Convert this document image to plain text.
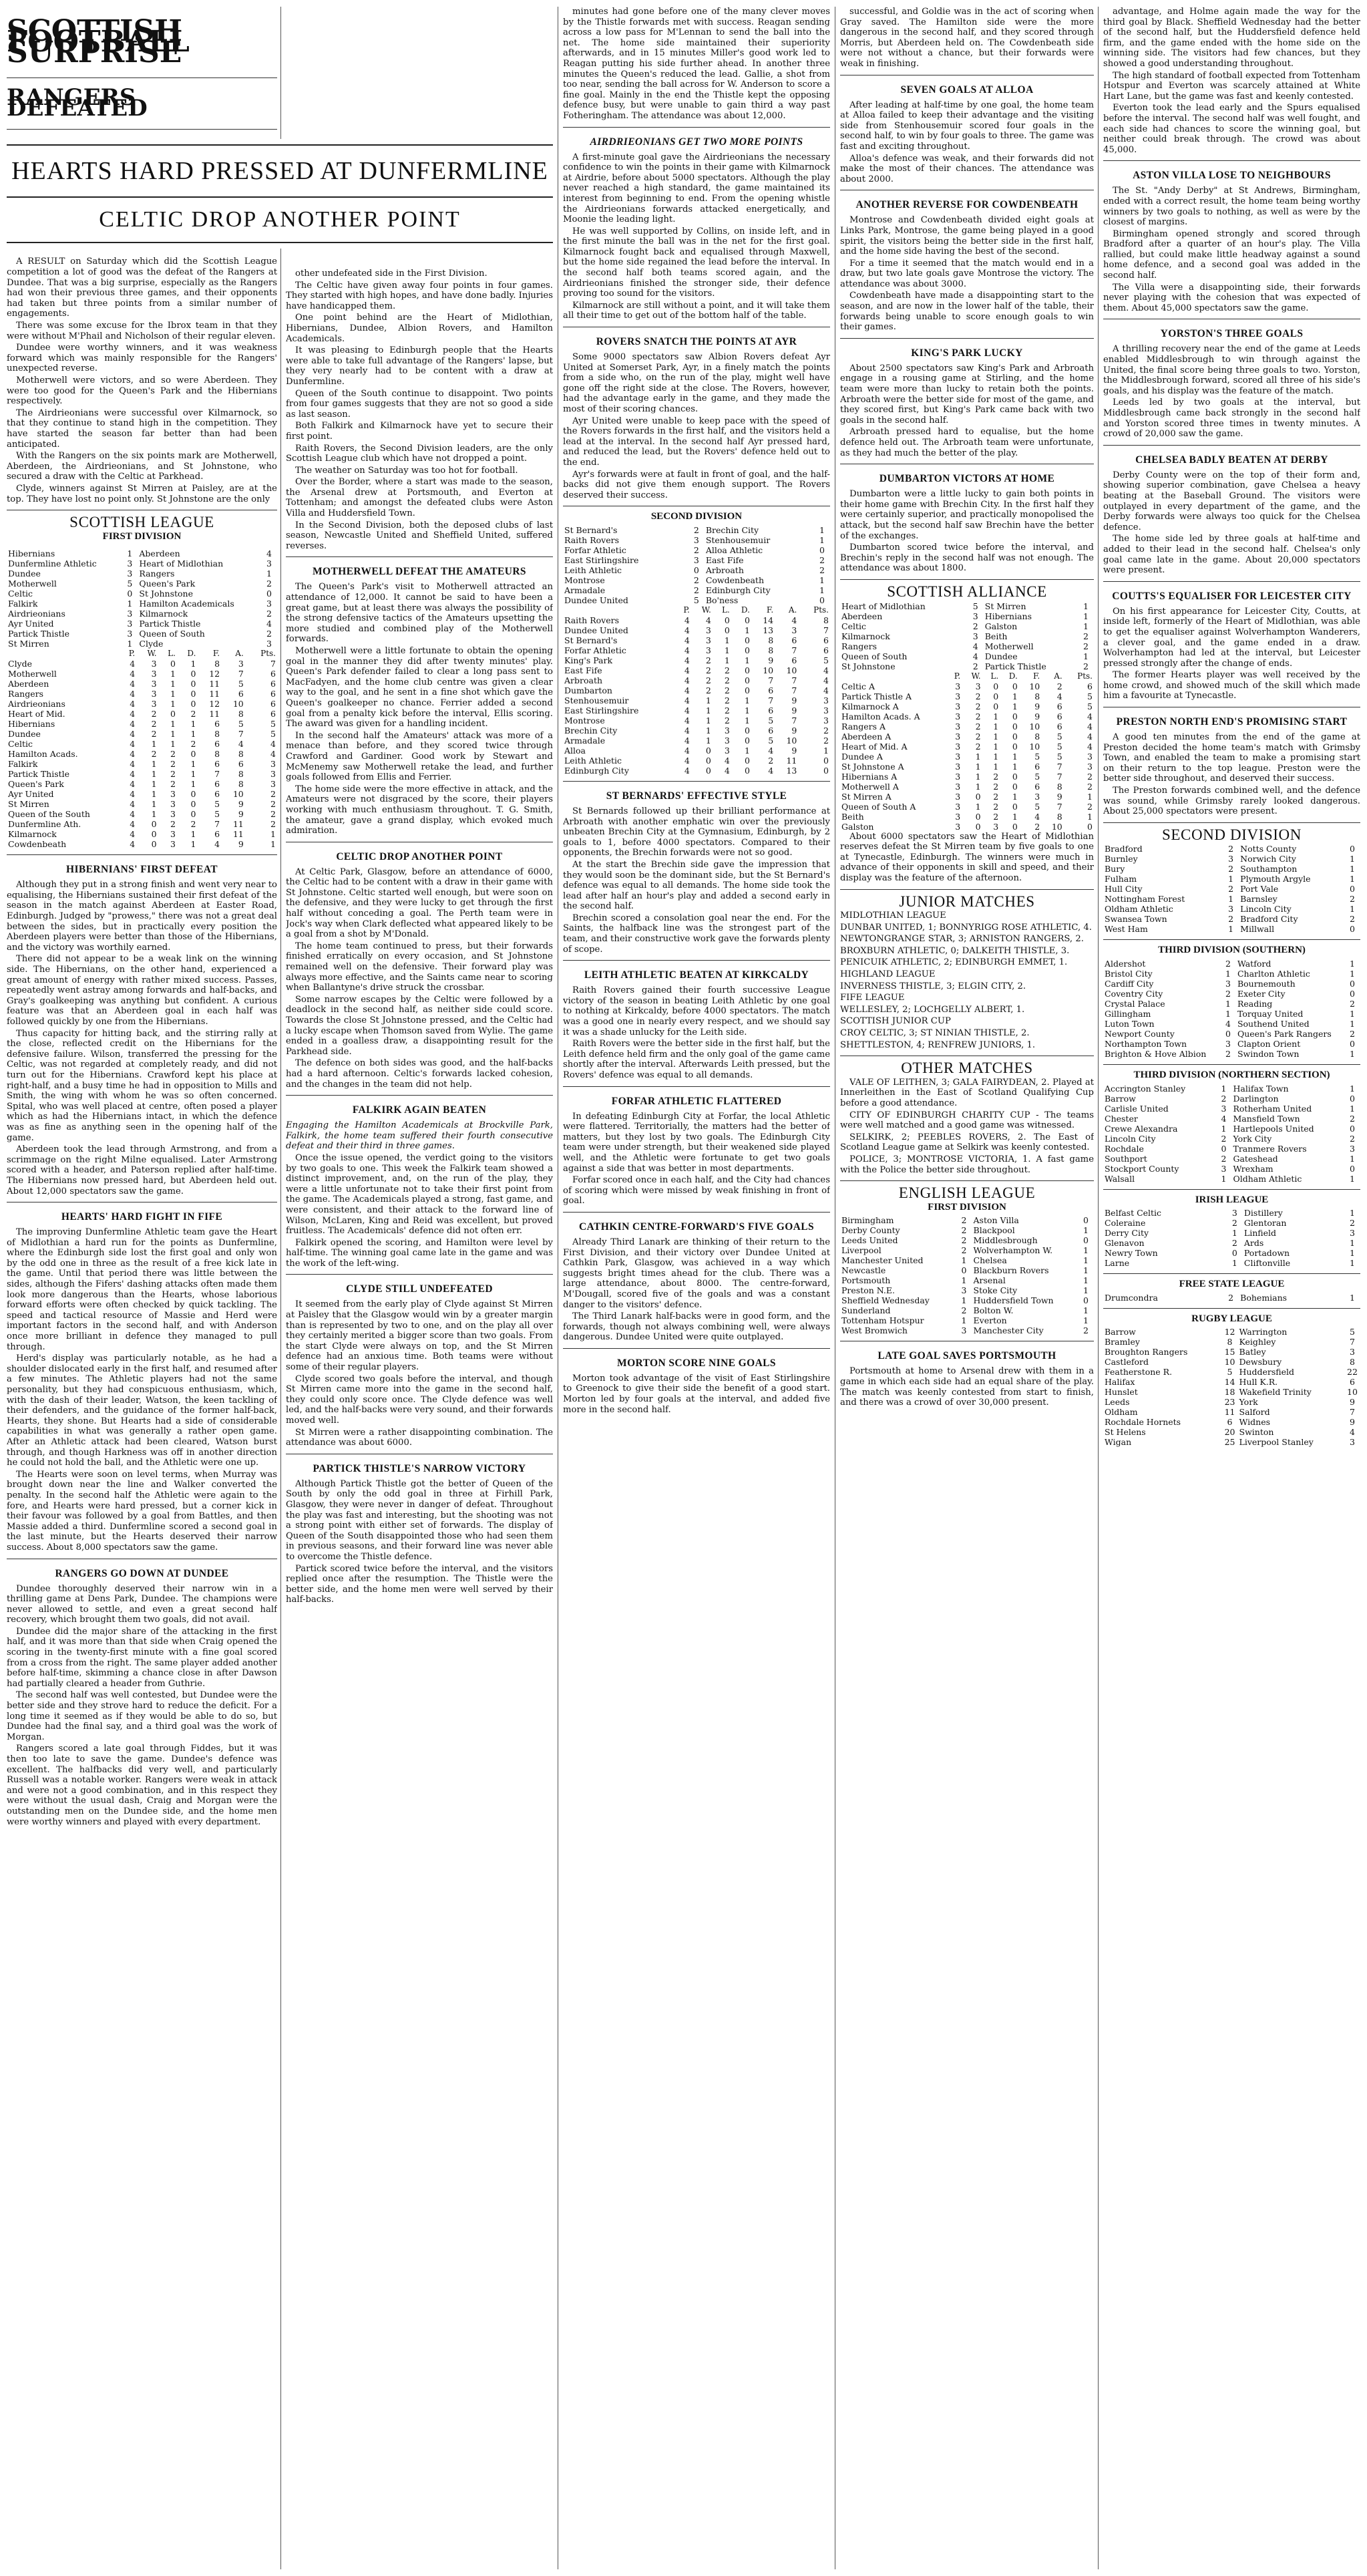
SCOTTISH FOOTBALL SURPRISE
RANGERS DEFEATED

A RESULT on Saturday which did the Scottish League competition a lot of good was the defeat of the Rangers at Dundee. That was a big surprise, especially as the Rangers had won their previous three games, and their opponents had taken but three points from a similar number of engagements.

There was some excuse for the Ibrox team in that they were without M'Phail and Nicholson of their regular eleven.

Dundee were worthy winners, and it was weakness forward which was mainly responsible for the Rangers' unexpected reverse.

Motherwell were victors, and so were Aberdeen. They were too good for the Queen's Park and the Hibernians respectively.

The Airdrieonians were successful over Kilmarnock, so that they continue to stand high in the competition. They have started the season far better than had been anticipated.

With the Rangers on the six points mark are Motherwell, Aberdeen, the Airdrieonians, and St Johnstone, who secured a draw with the Celtic at Parkhead.

Clyde, winners against St Mirren at Paisley, are at the top. They have lost no point only. St Johnstone are the only

SCOTTISH LEAGUE
FIRST DIVISION
Hibernians	1	Aberdeen	4
Dunfermline Athletic	3	Heart of Midlothian	3
Dundee	3	Rangers	1
Motherwell	5	Queen's Park	2
Celtic	0	St Johnstone	0
Falkirk	1	Hamilton Academicals	3
Airdrieonians	3	Kilmarnock	2
Ayr United	3	Partick Thistle	4
Partick Thistle	3	Queen of South	2
St Mirren	1	Clyde	3
	P.	W.	L.	D.	F.	A.	Pts.
Clyde	4	3	0	1	8	3	7
Motherwell	4	3	1	0	12	7	6
Aberdeen	4	3	1	0	11	5	6
Rangers	4	3	1	0	11	6	6
Airdrieonians	4	3	1	0	12	10	6
Heart of Mid.	4	2	0	2	11	8	6
Hibernians	4	2	1	1	6	5	5
Dundee	4	2	1	1	8	7	5
Celtic	4	1	1	2	6	4	4
Hamilton Acads.	4	2	2	0	8	8	4
Falkirk	4	1	2	1	6	6	3
Partick Thistle	4	1	2	1	7	8	3
Queen's Park	4	1	2	1	6	8	3
Ayr United	4	1	3	0	6	10	2
St Mirren	4	1	3	0	5	9	2
Queen of the South	4	1	3	0	5	9	2
Dunfermline Ath.	4	0	2	2	7	11	2
Kilmarnock	4	0	3	1	6	11	1
Cowdenbeath	4	0	3	1	4	9	1
HIBERNIANS' FIRST DEFEAT

Although they put in a strong finish and went very near to equalising, the Hibernians sustained their first defeat of the season in the match against Aberdeen at Easter Road, Edinburgh. Judged by "prowess," there was not a great deal between the sides, but in practically every position the Aberdeen players were better than those of the Hibernians, and the victory was worthily earned.

There did not appear to be a weak link on the winning side. The Hibernians, on the other hand, experienced a great amount of energy with rather mixed success. Passes, repeatedly went astray among forwards and half-backs, and Gray's goalkeeping was anything but confident. A curious feature was that an Aberdeen goal in each half was followed quickly by one from the Hibernians.

Thus capacity for hitting back, and the stirring rally at the close, reflected credit on the Hibernians for the defensive failure. Wilson, transferred the pressing for the Celtic, was not regarded at completely ready, and did not turn out for the Hibernians. Crawford kept his place at right-half, and a busy time he had in opposition to Mills and Smith, the wing with whom he was so often concerned. Spital, who was well placed at centre, often posed a player which as had the Hibernians intact, in which the defence was as fine as anything seen in the opening half of the game.

Aberdeen took the lead through Armstrong, and from a scrimmage on the right Milne equalised. Later Armstrong scored with a header, and Paterson replied after half-time. The Hibernians now pressed hard, but Aberdeen held out. About 12,000 spectators saw the game.

HEARTS' HARD FIGHT IN FIFE

The improving Dunfermline Athletic team gave the Heart of Midlothian a hard run for the points as Dunfermline, where the Edinburgh side lost the first goal and only won by the odd one in three as the result of a free kick late in the game. Until that period there was little between the sides, although the Fifers' dashing attacks often made them look more dangerous than the Hearts, whose laborious forward efforts were often checked by quick tackling. The speed and tactical resource of Massie and Herd were important factors in the second half, and with Anderson once more brilliant in defence they managed to pull through.

Herd's display was particularly notable, as he had a shoulder dislocated early in the first half, and resumed after a few minutes. The Athletic players had not the same personality, but they had conspicuous enthusiasm, which, with the dash of their leader, Watson, the keen tackling of their defenders, and the guidance of the former half-back, Hearts, they shone. But Hearts had a side of considerable capabilities in what was generally a rather open game. After an Athletic attack had been cleared, Watson burst through, and though Harkness was off in another direction he could not hold the ball, and the Athletic were one up.

The Hearts were soon on level terms, when Murray was brought down near the line and Walker converted the penalty. In the second half the Athletic were again to the fore, and Hearts were hard pressed, but a corner kick in their favour was followed by a goal from Battles, and then Massie added a third. Dunfermline scored a second goal in the last minute, but the Hearts deserved their narrow success. About 8,000 spectators saw the game.

RANGERS GO DOWN AT DUNDEE

Dundee thoroughly deserved their narrow win in a thrilling game at Dens Park, Dundee. The champions were never allowed to settle, and even a great second half recovery, which brought them two goals, did not avail.

Dundee did the major share of the attacking in the first half, and it was more than that side when Craig opened the scoring in the twenty-first minute with a fine goal scored from a cross from the right. The same player added another before half-time, skimming a chance close in after Dawson had partially cleared a header from Guthrie.

The second half was well contested, but Dundee were the better side and they strove hard to reduce the deficit. For a long time it seemed as if they would be able to do so, but Dundee had the final say, and a third goal was the work of Morgan.

Rangers scored a late goal through Fiddes, but it was then too late to save the game. Dundee's defence was excellent. The halfbacks did very well, and particularly Russell was a notable worker. Rangers were weak in attack and were not a good combination, and in this respect they were without the usual dash, Craig and Morgan were the outstanding men on the Dundee side, and the home men were worthy winners and played with every department.

other undefeated side in the First Division.

The Celtic have given away four points in four games. They started with high hopes, and have done badly. Injuries have handicapped them.

One point behind are the Heart of Midlothian, Hibernians, Dundee, Albion Rovers, and Hamilton Academicals.

It was pleasing to Edinburgh people that the Hearts were able to take full advantage of the Rangers' lapse, but they very nearly had to be content with a draw at Dunfermline.

Queen of the South continue to disappoint. Two points from four games suggests that they are not so good a side as last season.

Both Falkirk and Kilmarnock have yet to secure their first point.

Raith Rovers, the Second Division leaders, are the only Scottish League club which have not dropped a point.

The weather on Saturday was too hot for football.

Over the Border, where a start was made to the season, the Arsenal drew at Portsmouth, and Everton at Tottenham; and amongst the defeated clubs were Aston Villa and Huddersfield Town.

In the Second Division, both the deposed clubs of last season, Newcastle United and Sheffield United, suffered reverses.

MOTHERWELL DEFEAT THE AMATEURS

The Queen's Park's visit to Motherwell attracted an attendance of 12,000. It cannot be said to have been a great game, but at least there was always the possibility of the strong defensive tactics of the Amateurs upsetting the more studied and combined play of the Motherwell forwards.

Motherwell were a little fortunate to obtain the opening goal in the manner they did after twenty minutes' play. Queen's Park defender failed to clear a long pass sent to MacFadyen, and the home club centre was given a clear way to the goal, and he sent in a fine shot which gave the Queen's goalkeeper no chance. Ferrier added a second goal from a penalty kick before the interval, Ellis scoring. The award was given for a handling incident.

In the second half the Amateurs' attack was more of a menace than before, and they scored twice through Crawford and Gardiner. Good work by Stewart and McMenemy saw Motherwell retake the lead, and further goals followed from Ellis and Ferrier.

The home side were the more effective in attack, and the Amateurs were not disgraced by the score, their players working with much enthusiasm throughout. T. G. Smith, the amateur, gave a grand display, which evoked much admiration.

CELTIC DROP ANOTHER POINT

At Celtic Park, Glasgow, before an attendance of 6000, the Celtic had to be content with a draw in their game with St Johnstone. Celtic started well enough, but were soon on the defensive, and they were lucky to get through the first half without conceding a goal. The Perth team were in Jock's way when Clark deflected what appeared likely to be a goal from a shot by M'Donald.

The home team continued to press, but their forwards finished erratically on every occasion, and St Johnstone remained well on the defensive. Their forward play was always more effective, and the Saints came near to scoring when Ballantyne's drive struck the crossbar.

Some narrow escapes by the Celtic were followed by a deadlock in the second half, as neither side could score. Towards the close St Johnstone pressed, and the Celtic had a lucky escape when Thomson saved from Wylie. The game ended in a goalless draw, a disappointing result for the Parkhead side.

The defence on both sides was good, and the half-backs had a hard afternoon. Celtic's forwards lacked cohesion, and the changes in the team did not help.

FALKIRK AGAIN BEATEN

Engaging the Hamilton Academicals at Brockville Park, Falkirk, the home team suffered their fourth consecutive defeat and their third in three games.

Once the issue opened, the verdict going to the visitors by two goals to one. This week the Falkirk team showed a distinct improvement, and, on the run of the play, they were a little unfortunate not to take their first point from the game. The Academicals played a strong, fast game, and were consistent, and their attack to the forward line of Wilson, McLaren, King and Reid was excellent, but proved fruitless. The Academicals' defence did not often err.

Falkirk opened the scoring, and Hamilton were level by half-time. The winning goal came late in the game and was the work of the left-wing.

CLYDE STILL UNDEFEATED

It seemed from the early play of Clyde against St Mirren at Paisley that the Glasgow would win by a greater margin than is represented by two to one, and on the play all over they certainly merited a bigger score than two goals. From the start Clyde were always on top, and the St Mirren defence had an anxious time. Both teams were without some of their regular players.

Clyde scored two goals before the interval, and though St Mirren came more into the game in the second half, they could only score once. The Clyde defence was well led, and the half-backs were very sound, and their forwards moved well.

St Mirren were a rather disappointing combination. The attendance was about 6000.

PARTICK THISTLE'S NARROW VICTORY

Although Partick Thistle got the better of Queen of the South by only the odd goal in three at Firhill Park, Glasgow, they were never in danger of defeat. Throughout the play was fast and interesting, but the shooting was not a strong point with either set of forwards. The display of Queen of the South disappointed those who had seen them in previous seasons, and their forward line was never able to overcome the Thistle defence.

Partick scored twice before the interval, and the visitors replied once after the resumption. The Thistle were the better side, and the home men were well served by their half-backs.

minutes had gone before one of the many clever moves by the Thistle forwards met with success. Reagan sending across a low pass for M'Lennan to send the ball into the net. The home side maintained their superiority afterwards, and in 15 minutes Miller's good work led to Reagan putting his side further ahead. In another three minutes the Queen's reduced the lead. Gallie, a shot from too near, sending the ball across for W. Anderson to score a fine goal. Mainly in the end the Thistle kept the opposing defence busy, but were unable to gain third a way past Fotheringham. The attendance was about 12,000.

AIRDRIEONIANS GET TWO MORE POINTS

A first-minute goal gave the Airdrieonians the necessary confidence to win the points in their game with Kilmarnock at Airdrie, before about 5000 spectators. Although the play never reached a high standard, the game maintained its interest from beginning to end. From the opening whistle the Airdrieonians forwards attacked energetically, and Moonie the leading light.

He was well supported by Collins, on inside left, and in the first minute the ball was in the net for the first goal. Kilmarnock fought back and equalised through Maxwell, but the home side regained the lead before the interval. In the second half both teams scored again, and the Airdrieonians finished the stronger side, their defence proving too sound for the visitors.

Kilmarnock are still without a point, and it will take them all their time to get out of the bottom half of the table.

ROVERS SNATCH THE POINTS AT AYR

Some 9000 spectators saw Albion Rovers defeat Ayr United at Somerset Park, Ayr, in a finely match the points from a side who, on the run of the play, might well have gone off the right side at the close. The Rovers, however, had the advantage early in the game, and they made the most of their scoring chances.

Ayr United were unable to keep pace with the speed of the Rovers forwards in the first half, and the visitors held a lead at the interval. In the second half Ayr pressed hard, and reduced the lead, but the Rovers' defence held out to the end.

Ayr's forwards were at fault in front of goal, and the half-backs did not give them enough support. The Rovers deserved their success.

SECOND DIVISION
St Bernard's	2	Brechin City	1
Raith Rovers	3	Stenhousemuir	1
Forfar Athletic	2	Alloa Athletic	0
East Stirlingshire	3	East Fife	2
Leith Athletic	0	Arbroath	2
Montrose	2	Cowdenbeath	1
Armadale	2	Edinburgh City	1
Dundee United	5	Bo'ness	0
	P.	W.	L.	D.	F.	A.	Pts.
Raith Rovers	4	4	0	0	14	4	8
Dundee United	4	3	0	1	13	3	7
St Bernard's	4	3	1	0	8	6	6
Forfar Athletic	4	3	1	0	8	7	6
King's Park	4	2	1	1	9	6	5
East Fife	4	2	2	0	10	10	4
Arbroath	4	2	2	0	7	7	4
Dumbarton	4	2	2	0	6	7	4
Stenhousemuir	4	1	2	1	7	9	3
East Stirlingshire	4	1	2	1	6	9	3
Montrose	4	1	2	1	5	7	3
Brechin City	4	1	3	0	6	9	2
Armadale	4	1	3	0	5	10	2
Alloa	4	0	3	1	4	9	1
Leith Athletic	4	0	4	0	2	11	0
Edinburgh City	4	0	4	0	4	13	0
ST BERNARDS' EFFECTIVE STYLE

St Bernards followed up their brilliant performance at Arbroath with another emphatic win over the previously unbeaten Brechin City at the Gymnasium, Edinburgh, by 2 goals to 1, before 4000 spectators. Compared to their opponents, the Brechin forwards were not so good.

At the start the Brechin side gave the impression that they would soon be the dominant side, but the St Bernard's defence was equal to all demands. The home side took the lead after half an hour's play and added a second early in the second half.

Brechin scored a consolation goal near the end. For the Saints, the halfback line was the strongest part of the team, and their constructive work gave the forwards plenty of scope.

LEITH ATHLETIC BEATEN AT KIRKCALDY

Raith Rovers gained their fourth successive League victory of the season in beating Leith Athletic by one goal to nothing at Kirkcaldy, before 4000 spectators. The match was a good one in nearly every respect, and we should say it was a shade unlucky for the Leith side.

Raith Rovers were the better side in the first half, but the Leith defence held firm and the only goal of the game came shortly after the interval. Afterwards Leith pressed, but the Rovers' defence was equal to all demands.

FORFAR ATHLETIC FLATTERED

In defeating Edinburgh City at Forfar, the local Athletic were flattered. Territorially, the matters had the better of matters, but they lost by two goals. The Edinburgh City team were under strength, but their weakened side played well, and the Athletic were fortunate to get two goals against a side that was better in most departments.

Forfar scored once in each half, and the City had chances of scoring which were missed by weak finishing in front of goal.

CATHKIN CENTRE-FORWARD'S FIVE GOALS

Already Third Lanark are thinking of their return to the First Division, and their victory over Dundee United at Cathkin Park, Glasgow, was achieved in a way which suggests bright times ahead for the club. There was a large attendance, about 8000. The centre-forward, M'Dougall, scored five of the goals and was a constant danger to the visitors' defence.

The Third Lanark half-backs were in good form, and the forwards, though not always combining well, were always dangerous. Dundee United were quite outplayed.

MORTON SCORE NINE GOALS

Morton took advantage of the visit of East Stirlingshire to Greenock to give their side the benefit of a good start. Morton led by four goals at the interval, and added five more in the second half.

successful, and Goldie was in the act of scoring when Gray saved. The Hamilton side were the more dangerous in the second half, and they scored through Morris, but Aberdeen held on. The Cowdenbeath side were not without a chance, but their forwards were weak in finishing.

SEVEN GOALS AT ALLOA

After leading at half-time by one goal, the home team at Alloa failed to keep their advantage and the visiting side from Stenhousemuir scored four goals in the second half, to win by four goals to three. The game was fast and exciting throughout.

Alloa's defence was weak, and their forwards did not make the most of their chances. The attendance was about 2000.

ANOTHER REVERSE FOR COWDENBEATH

Montrose and Cowdenbeath divided eight goals at Links Park, Montrose, the game being played in a good spirit, the visitors being the better side in the first half, and the home side having the best of the second.

For a time it seemed that the match would end in a draw, but two late goals gave Montrose the victory. The attendance was about 3000.

Cowdenbeath have made a disappointing start to the season, and are now in the lower half of the table, their forwards being unable to score enough goals to win their games.

KING'S PARK LUCKY

About 2500 spectators saw King's Park and Arbroath engage in a rousing game at Stirling, and the home team were more than lucky to retain both the points. Arbroath were the better side for most of the game, and they scored first, but King's Park came back with two goals in the second half.

Arbroath pressed hard to equalise, but the home defence held out. The Arbroath team were unfortunate, as they had much the better of the play.

DUMBARTON VICTORS AT HOME

Dumbarton were a little lucky to gain both points in their home game with Brechin City. In the first half they were certainly superior, and practically monopolised the attack, but the second half saw Brechin have the better of the exchanges.

Dumbarton scored twice before the interval, and Brechin's reply in the second half was not enough. The attendance was about 1800.

SCOTTISH ALLIANCE
Heart of Midlothian	5	St Mirren	1
Aberdeen	3	Hibernians	1
Celtic	2	Galston	1
Kilmarnock	3	Beith	2
Rangers	4	Motherwell	2
Queen of South	4	Dundee	1
St Johnstone	2	Partick Thistle	2
	P.	W.	L.	D.	F.	A.	Pts.
Celtic A	3	3	0	0	10	2	6
Partick Thistle A	3	2	0	1	8	4	5
Kilmarnock A	3	2	0	1	9	6	5
Hamilton Acads. A	3	2	1	0	9	6	4
Rangers A	3	2	1	0	10	6	4
Aberdeen A	3	2	1	0	8	5	4
Heart of Mid. A	3	2	1	0	10	5	4
Dundee A	3	1	1	1	5	5	3
St Johnstone A	3	1	1	1	6	7	3
Hibernians A	3	1	2	0	5	7	2
Motherwell A	3	1	2	0	6	8	2
St Mirren A	3	0	2	1	3	9	1
Queen of South A	3	1	2	0	5	7	2
Beith	3	0	2	1	4	8	1
Galston	3	0	3	0	2	10	0

About 6000 spectators saw the Heart of Midlothian reserves defeat the St Mirren team by five goals to one at Tynecastle, Edinburgh. The winners were much in advance of their opponents in skill and speed, and their display was the feature of the afternoon.

JUNIOR MATCHES

MIDLOTHIAN LEAGUE

DUNBAR UNITED, 1; BONNYRIGG ROSE ATHLETIC, 4.

NEWTONGRANGE STAR, 3; ARNISTON RANGERS, 2.

BROXBURN ATHLETIC, 0; DALKEITH THISTLE, 3.

PENICUIK ATHLETIC, 2; EDINBURGH EMMET, 1.

HIGHLAND LEAGUE

INVERNESS THISTLE, 3; ELGIN CITY, 2.

FIFE LEAGUE

WELLESLEY, 2; LOCHGELLY ALBERT, 1.

SCOTTISH JUNIOR CUP

CROY CELTIC, 3; ST NINIAN THISTLE, 2.

SHETTLESTON, 4; RENFREW JUNIORS, 1.

OTHER MATCHES

VALE OF LEITHEN, 3; GALA FAIRYDEAN, 2. Played at Innerleithen in the East of Scotland Qualifying Cup before a good attendance.

CITY OF EDINBURGH CHARITY CUP - The teams were well matched and a good game was witnessed.

SELKIRK, 2; PEEBLES ROVERS, 2. The East of Scotland League game at Selkirk was keenly contested.

POLICE, 3; MONTROSE VICTORIA, 1. A fast game with the Police the better side throughout.

ENGLISH LEAGUE
FIRST DIVISION
Birmingham	2	Aston Villa	0
Derby County	2	Blackpool	1
Leeds United	2	Middlesbrough	0
Liverpool	2	Wolverhampton W.	1
Manchester United	1	Chelsea	1
Newcastle	0	Blackburn Rovers	1
Portsmouth	1	Arsenal	1
Preston N.E.	3	Stoke City	1
Sheffield Wednesday	1	Huddersfield Town	0
Sunderland	2	Bolton W.	1
Tottenham Hotspur	1	Everton	1
West Bromwich	3	Manchester City	2
LATE GOAL SAVES PORTSMOUTH

Portsmouth at home to Arsenal drew with them in a game in which each side had an equal share of the play. The match was keenly contested from start to finish, and there was a crowd of over 30,000 present.

advantage, and Holme again made the way for the third goal by Black. Sheffield Wednesday had the better of the second half, but the Huddersfield defence held firm, and the game ended with the home side on the winning side. The visitors had few chances, but they showed a good understanding throughout.

The high standard of football expected from Tottenham Hotspur and Everton was scarcely attained at White Hart Lane, but the game was fast and keenly contested.

Everton took the lead early and the Spurs equalised before the interval. The second half was well fought, and each side had chances to score the winning goal, but neither could break through. The crowd was about 45,000.

ASTON VILLA LOSE TO NEIGHBOURS

The St. "Andy Derby" at St Andrews, Birmingham, ended with a correct result, the home team being worthy winners by two goals to nothing, as well as were by the closest of margins.

Birmingham opened strongly and scored through Bradford after a quarter of an hour's play. The Villa rallied, but could make little headway against a sound home defence, and a second goal was added in the second half.

The Villa were a disappointing side, their forwards never playing with the cohesion that was expected of them. About 45,000 spectators saw the game.

YORSTON'S THREE GOALS

A thrilling recovery near the end of the game at Leeds enabled Middlesbrough to win through against the United, the final score being three goals to two. Yorston, the Middlesbrough forward, scored all three of his side's goals, and his display was the feature of the match.

Leeds led by two goals at the interval, but Middlesbrough came back strongly in the second half and Yorston scored three times in twenty minutes. A crowd of 20,000 saw the game.

CHELSEA BADLY BEATEN AT DERBY

Derby County were on the top of their form and, showing superior combination, gave Chelsea a heavy beating at the Baseball Ground. The visitors were outplayed in every department of the game, and the Derby forwards were always too quick for the Chelsea defence.

The home side led by three goals at half-time and added to their lead in the second half. Chelsea's only goal came late in the game. About 20,000 spectators were present.

COUTTS'S EQUALISER FOR LEICESTER CITY

On his first appearance for Leicester City, Coutts, at inside left, formerly of the Heart of Midlothian, was able to get the equaliser against Wolverhampton Wanderers, a clever goal, and the game ended in a draw. Wolverhampton had led at the interval, but Leicester pressed strongly after the change of ends.

The former Hearts player was well received by the home crowd, and showed much of the skill which made him a favourite at Tynecastle.

PRESTON NORTH END'S PROMISING START

A good ten minutes from the end of the game at Preston decided the home team's match with Grimsby Town, and enabled the team to make a promising start on their return to the top league. Preston were the better side throughout, and deserved their success.

The Preston forwards combined well, and the defence was sound, while Grimsby rarely looked dangerous. About 25,000 spectators were present.

SECOND DIVISION
Bradford	2	Notts County	0
Burnley	3	Norwich City	1
Bury	2	Southampton	1
Fulham	1	Plymouth Argyle	1
Hull City	2	Port Vale	0
Nottingham Forest	1	Barnsley	2
Oldham Athletic	3	Lincoln City	1
Swansea Town	2	Bradford City	2
West Ham	1	Millwall	0
THIRD DIVISION (SOUTHERN)
Aldershot	2	Watford	1
Bristol City	1	Charlton Athletic	1
Cardiff City	3	Bournemouth	0
Coventry City	2	Exeter City	0
Crystal Palace	1	Reading	2
Gillingham	1	Torquay United	1
Luton Town	4	Southend United	1
Newport County	0	Queen's Park Rangers	2
Northampton Town	3	Clapton Orient	0
Brighton & Hove Albion	2	Swindon Town	1
THIRD DIVISION (NORTHERN SECTION)
Accrington Stanley	1	Halifax Town	1
Barrow	2	Darlington	0
Carlisle United	3	Rotherham United	1
Chester	4	Mansfield Town	2
Crewe Alexandra	1	Hartlepools United	0
Lincoln City	2	York City	2
Rochdale	0	Tranmere Rovers	3
Southport	2	Gateshead	1
Stockport County	3	Wrexham	0
Walsall	1	Oldham Athletic	1
IRISH LEAGUE
Belfast Celtic	3	Distillery	1
Coleraine	2	Glentoran	2
Derry City	1	Linfield	3
Glenavon	2	Ards	1
Newry Town	0	Portadown	1
Larne	1	Cliftonville	1
FREE STATE LEAGUE
Drumcondra	2	Bohemians	1
RUGBY LEAGUE
Barrow	12	Warrington	5
Bramley	8	Keighley	7
Broughton Rangers	15	Batley	3
Castleford	10	Dewsbury	8
Featherstone R.	5	Huddersfield	22
Halifax	14	Hull K.R.	6
Hunslet	18	Wakefield Trinity	10
Leeds	23	York	9
Oldham	11	Salford	7
Rochdale Hornets	6	Widnes	9
St Helens	20	Swinton	4
Wigan	25	Liverpool Stanley	3
HEARTS HARD PRESSED AT DUNFERMLINE
CELTIC DROP ANOTHER POINT
